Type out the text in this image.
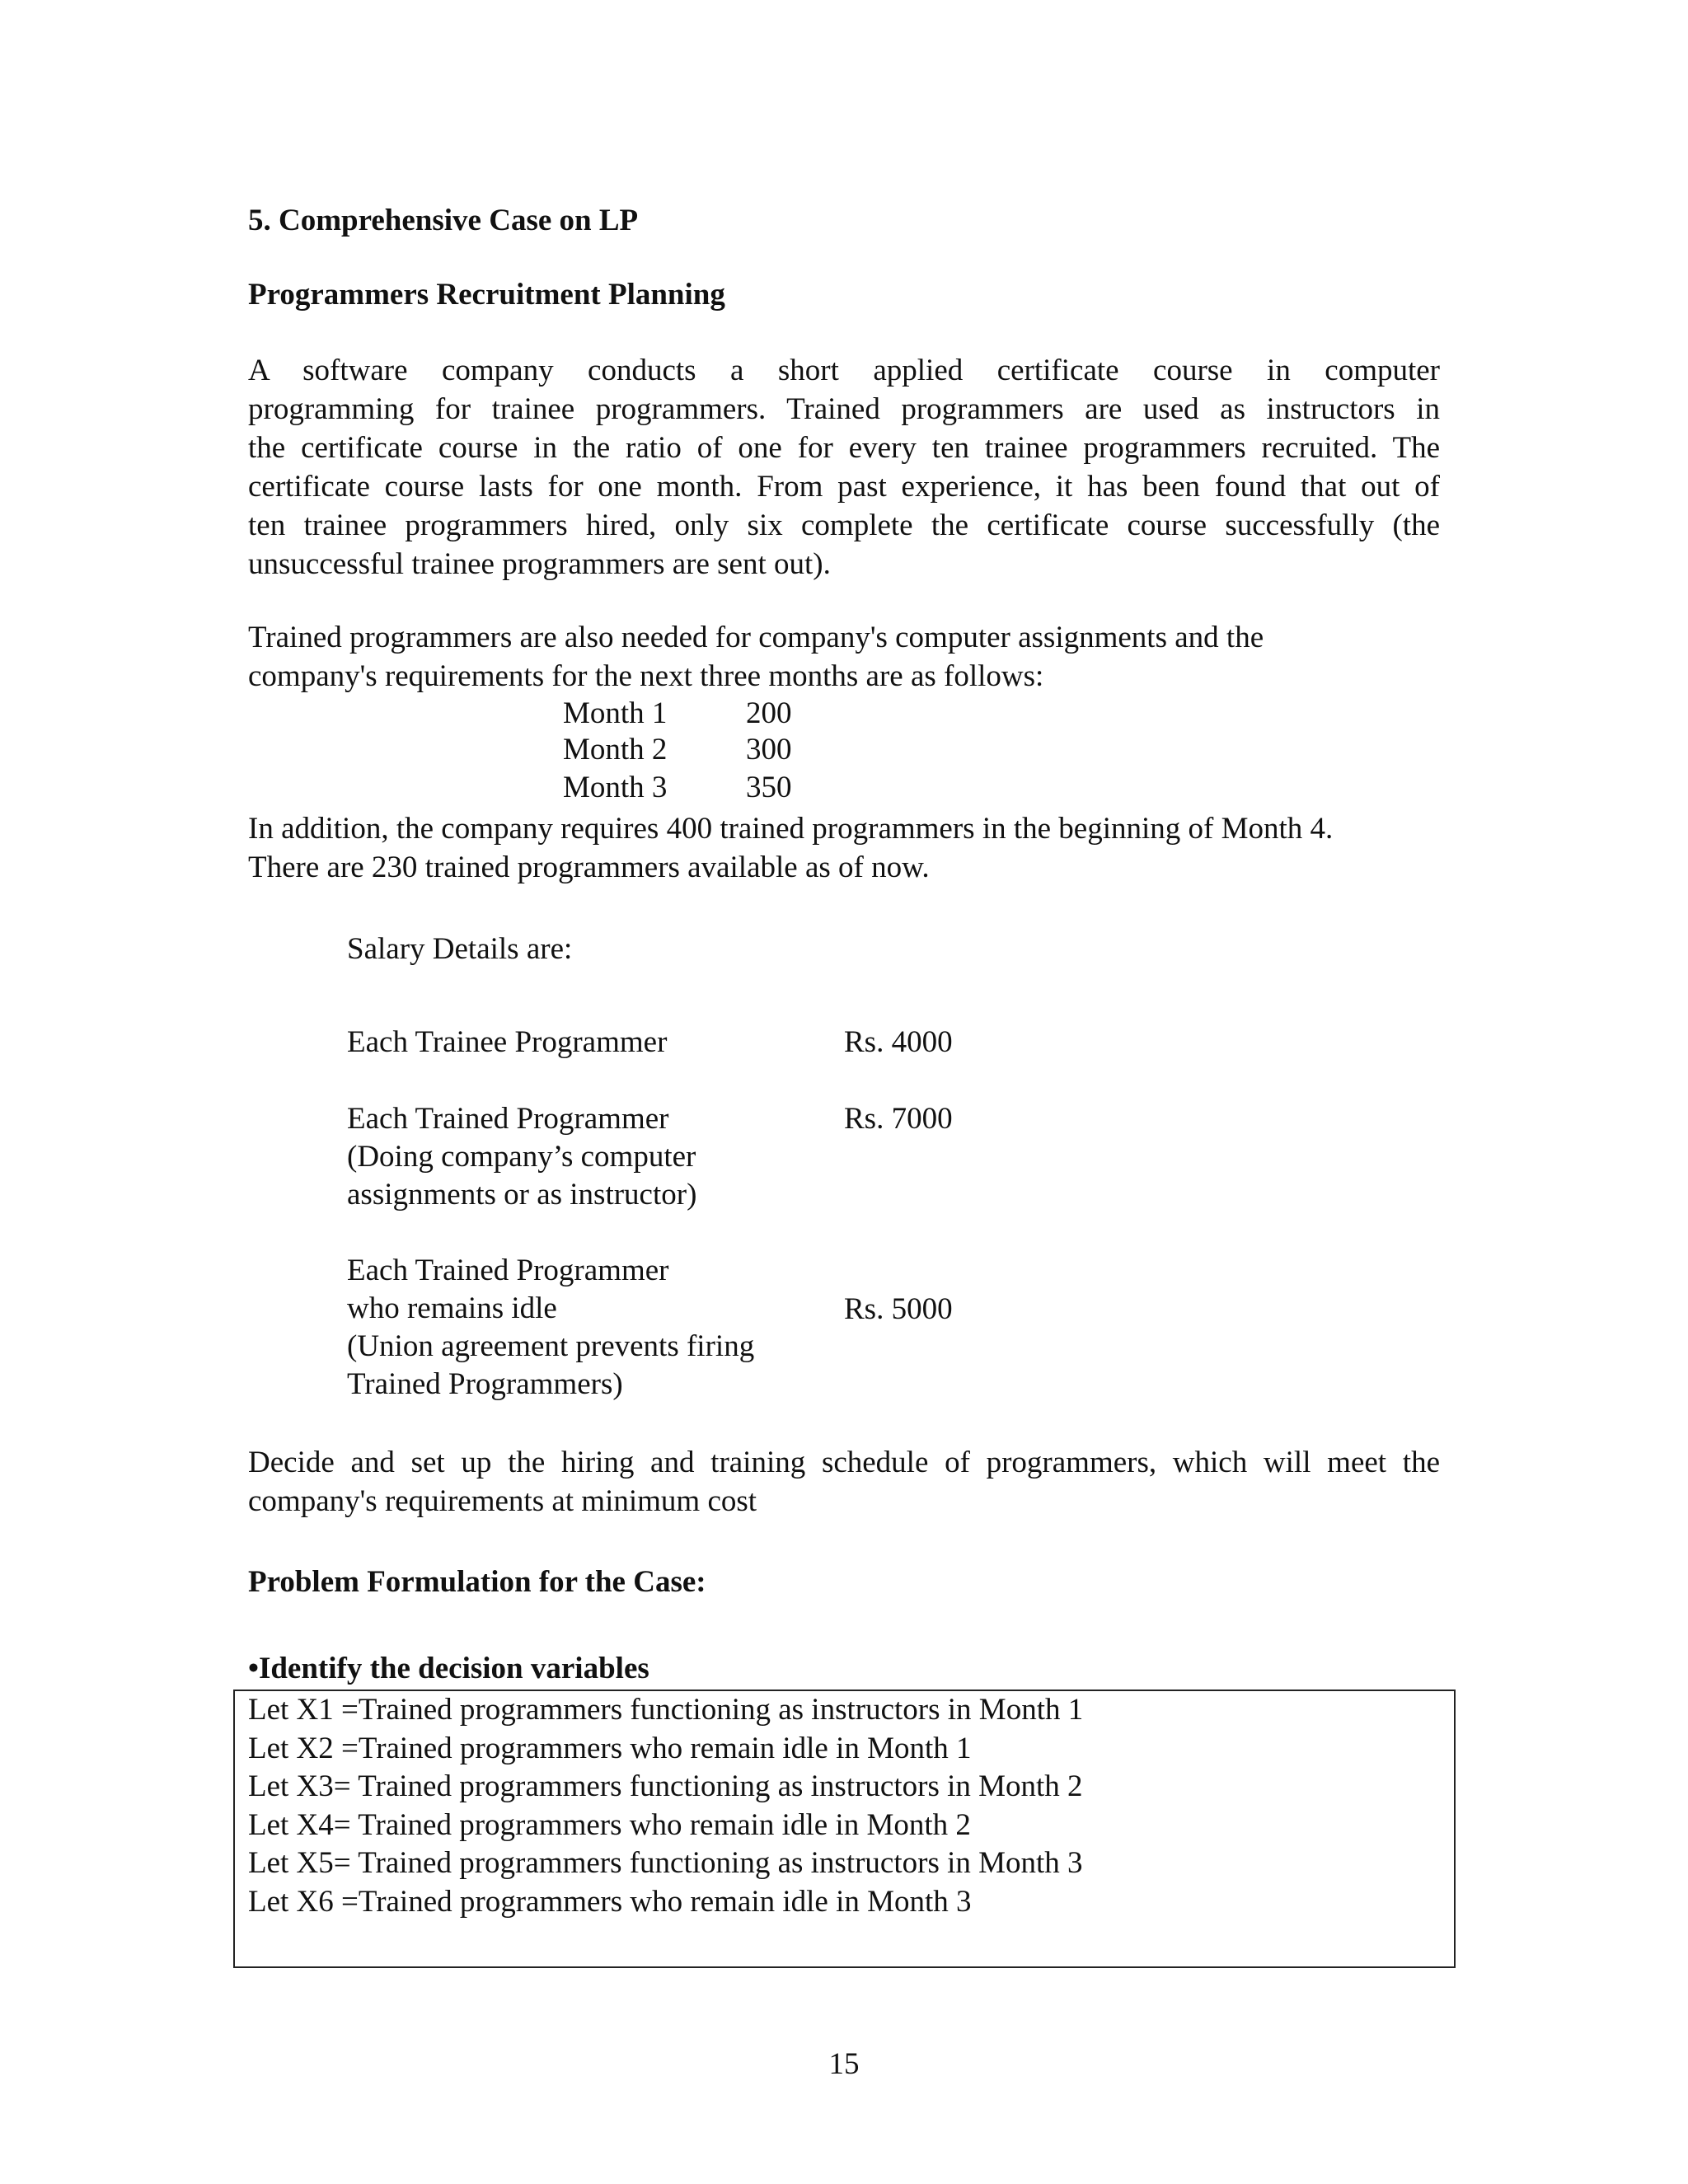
5. Comprehensive Case on LP
Programmers Recruitment Planning
A software company conducts a short applied certificate course in computer
programming for trainee programmers. Trained programmers are used as instructors in
the certificate course in the ratio of one for every ten trainee programmers recruited. The
certificate course lasts for one month. From past experience, it has been found that out of
ten trainee programmers hired, only six complete the certificate course successfully (the
unsuccessful trainee programmers are sent out).
Trained programmers are also needed for company's computer assignments and the
company's requirements for the next three months are as follows:
Month 1	200
Month 2	300
Month 3	350
In addition, the company requires 400 trained programmers in the beginning of Month 4.
There are 230 trained programmers available as of now.
Salary Details are:
Each Trainee Programmer	Rs. 4000
Each Trained Programmer
(Doing company’s computer
assignments or as instructor)
Rs. 7000
Each Trained Programmer
who remains idle
(Union agreement prevents firing
Trained Programmers)
Rs. 5000
Decide and set up the hiring and training schedule of programmers, which will meet the
company's requirements at minimum cost
Problem Formulation for the Case:
•Identify the decision variables
Let X1 =Trained programmers functioning as instructors in Month 1
Let X2 =Trained programmers who remain idle in Month 1
Let X3= Trained programmers functioning as instructors in Month 2
Let X4= Trained programmers who remain idle in Month 2
Let X5= Trained programmers functioning as instructors in Month 3
Let X6 =Trained programmers who remain idle in Month 3
15
